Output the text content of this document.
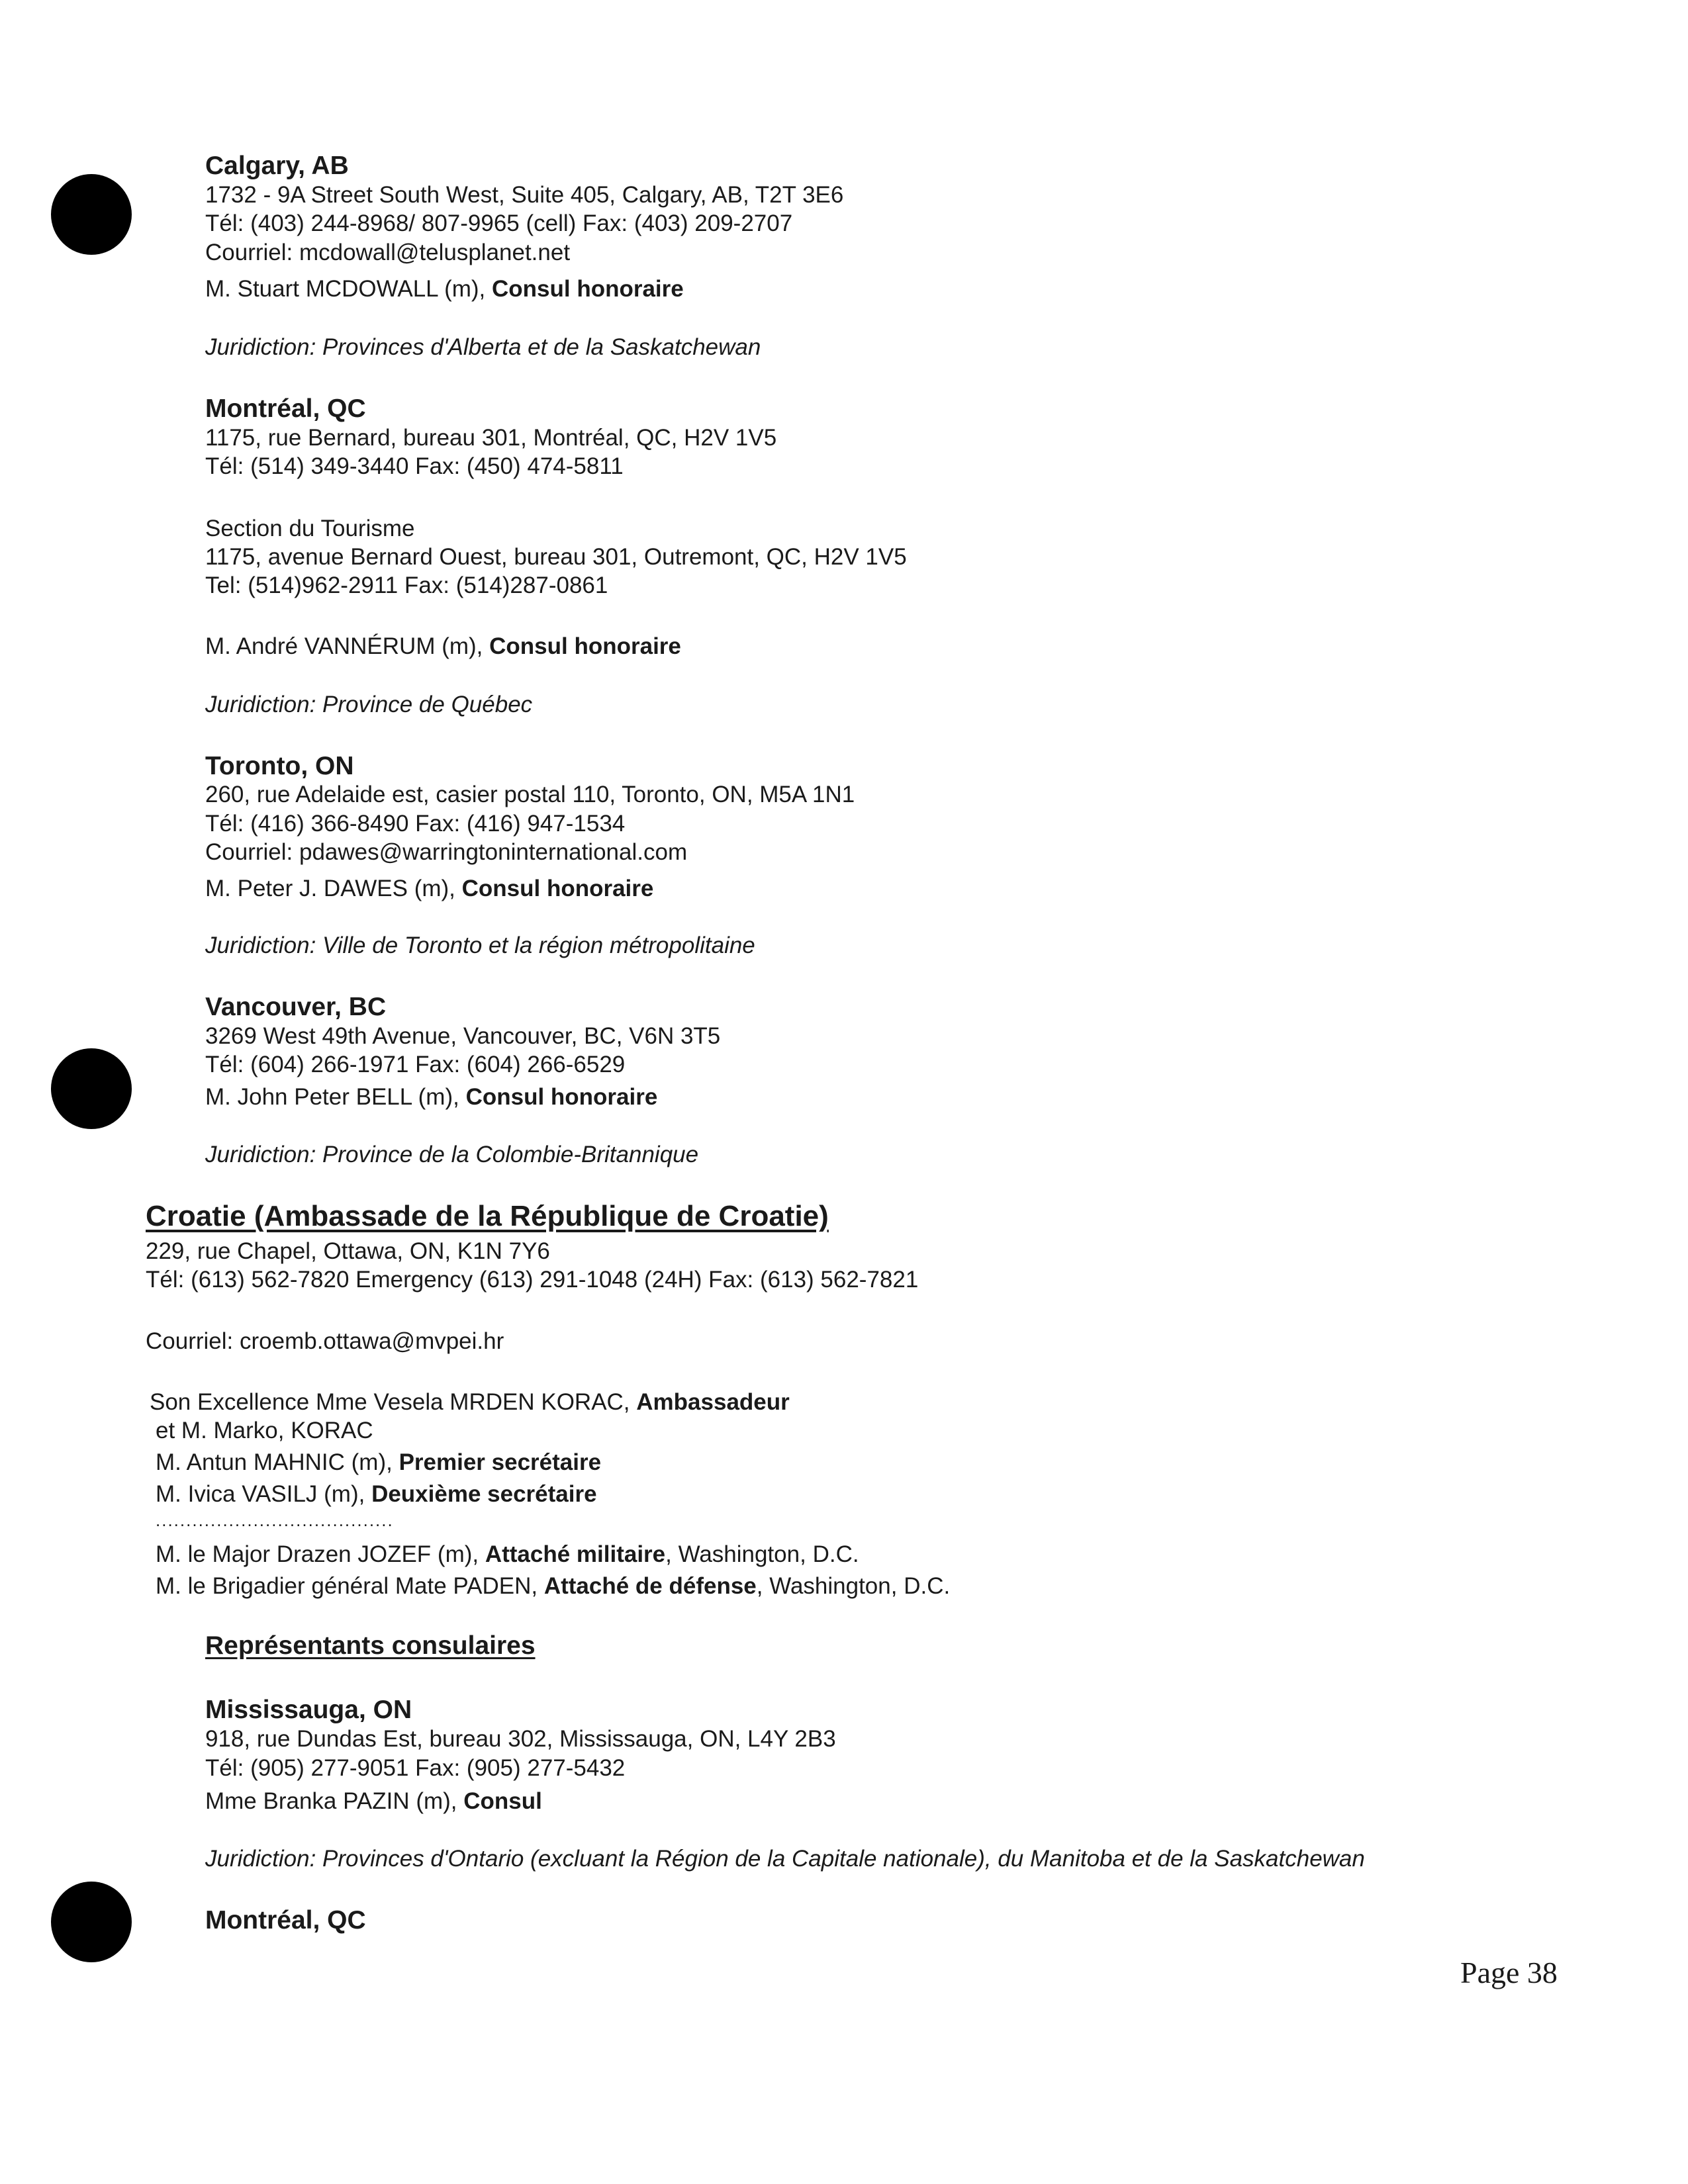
Calgary, AB
1732 - 9A Street South West, Suite 405, Calgary, AB, T2T 3E6
Tél: (403) 244-8968/ 807-9965 (cell) Fax: (403) 209-2707
Courriel: mcdowall@telusplanet.net
M. Stuart MCDOWALL (m), Consul honoraire
Juridiction: Provinces d'Alberta et de la Saskatchewan
Montréal, QC
1175, rue Bernard, bureau 301, Montréal, QC, H2V 1V5
Tél: (514) 349-3440 Fax: (450) 474-5811
Section du Tourisme
1175, avenue Bernard Ouest, bureau 301, Outremont, QC, H2V 1V5
Tel: (514)962-2911 Fax: (514)287-0861
M. André VANNÉRUM (m), Consul honoraire
Juridiction: Province de Québec
Toronto, ON
260, rue Adelaide est, casier postal 110, Toronto, ON, M5A 1N1
Tél: (416) 366-8490 Fax: (416) 947-1534
Courriel: pdawes@warringtoninternational.com
M. Peter J. DAWES (m), Consul honoraire
Juridiction: Ville de Toronto et la région métropolitaine
Vancouver, BC
3269 West 49th Avenue, Vancouver, BC, V6N 3T5
Tél: (604) 266-1971 Fax: (604) 266-6529
M. John Peter BELL (m), Consul honoraire
Juridiction: Province de la Colombie-Britannique
Croatie (Ambassade de la République de Croatie)
229, rue Chapel, Ottawa, ON, K1N 7Y6
Tél: (613) 562-7820 Emergency (613) 291-1048 (24H) Fax: (613) 562-7821
Courriel: croemb.ottawa@mvpei.hr
Son Excellence Mme Vesela MRDEN KORAC, Ambassadeur
et M. Marko, KORAC
M. Antun MAHNIC (m), Premier secrétaire
M. Ivica VASILJ (m), Deuxième secrétaire
.......................................
M. le Major Drazen JOZEF (m), Attaché militaire, Washington, D.C.
M. le Brigadier général Mate PADEN, Attaché de défense, Washington, D.C.
Représentants consulaires
Mississauga, ON
918, rue Dundas Est, bureau 302, Mississauga, ON, L4Y 2B3
Tél: (905) 277-9051 Fax: (905) 277-5432
Mme Branka PAZIN (m), Consul
Juridiction: Provinces d'Ontario (excluant la Région de la Capitale nationale), du Manitoba et de la Saskatchewan
Montréal, QC
Page 38
